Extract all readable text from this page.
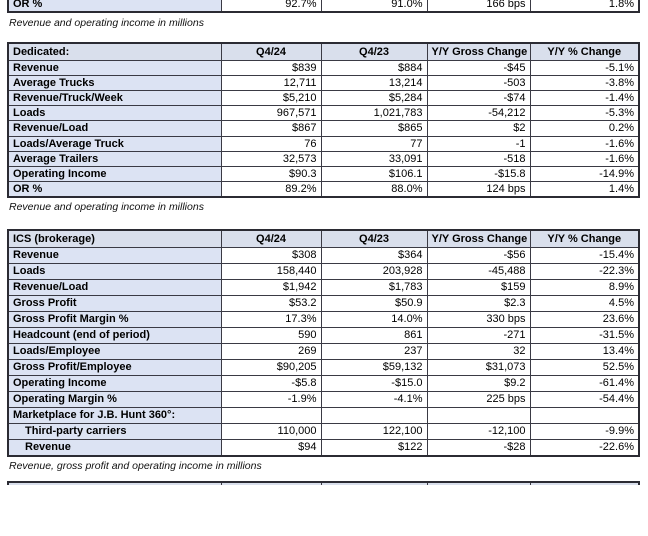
OR %	92.7%	91.0%	166 bps	1.8%
Revenue and operating income in millions
Dedicated:	Q4/24	Q4/23	Y/Y Gross Change	Y/Y % Change
Revenue	$839	$884	-$45	-5.1%
Average Trucks	12,711	13,214	-503	-3.8%
Revenue/Truck/Week	$5,210	$5,284	-$74	-1.4%
Loads	967,571	1,021,783	-54,212	-5.3%
Revenue/Load	$867	$865	$2	0.2%
Loads/Average Truck	76	77	-1	-1.6%
Average Trailers	32,573	33,091	-518	-1.6%
Operating Income	$90.3	$106.1	-$15.8	-14.9%
OR %	89.2%	88.0%	124 bps	1.4%
Revenue and operating income in millions
ICS (brokerage)	Q4/24	Q4/23	Y/Y Gross Change	Y/Y % Change
Revenue	$308	$364	-$56	-15.4%
Loads	158,440	203,928	-45,488	-22.3%
Revenue/Load	$1,942	$1,783	$159	8.9%
Gross Profit	$53.2	$50.9	$2.3	4.5%
Gross Profit Margin %	17.3%	14.0%	330 bps	23.6%
Headcount (end of period)	590	861	-271	-31.5%
Loads/Employee	269	237	32	13.4%
Gross Profit/Employee	$90,205	$59,132	$31,073	52.5%
Operating Income	-$5.8	-$15.0	$9.2	-61.4%
Operating Margin %	-1.9%	-4.1%	225 bps	-54.4%
Marketplace for J.B. Hunt 360°:				
Third-party carriers	110,000	122,100	-12,100	-9.9%
Revenue	$94	$122	-$28	-22.6%
Revenue, gross profit and operating income in millions
